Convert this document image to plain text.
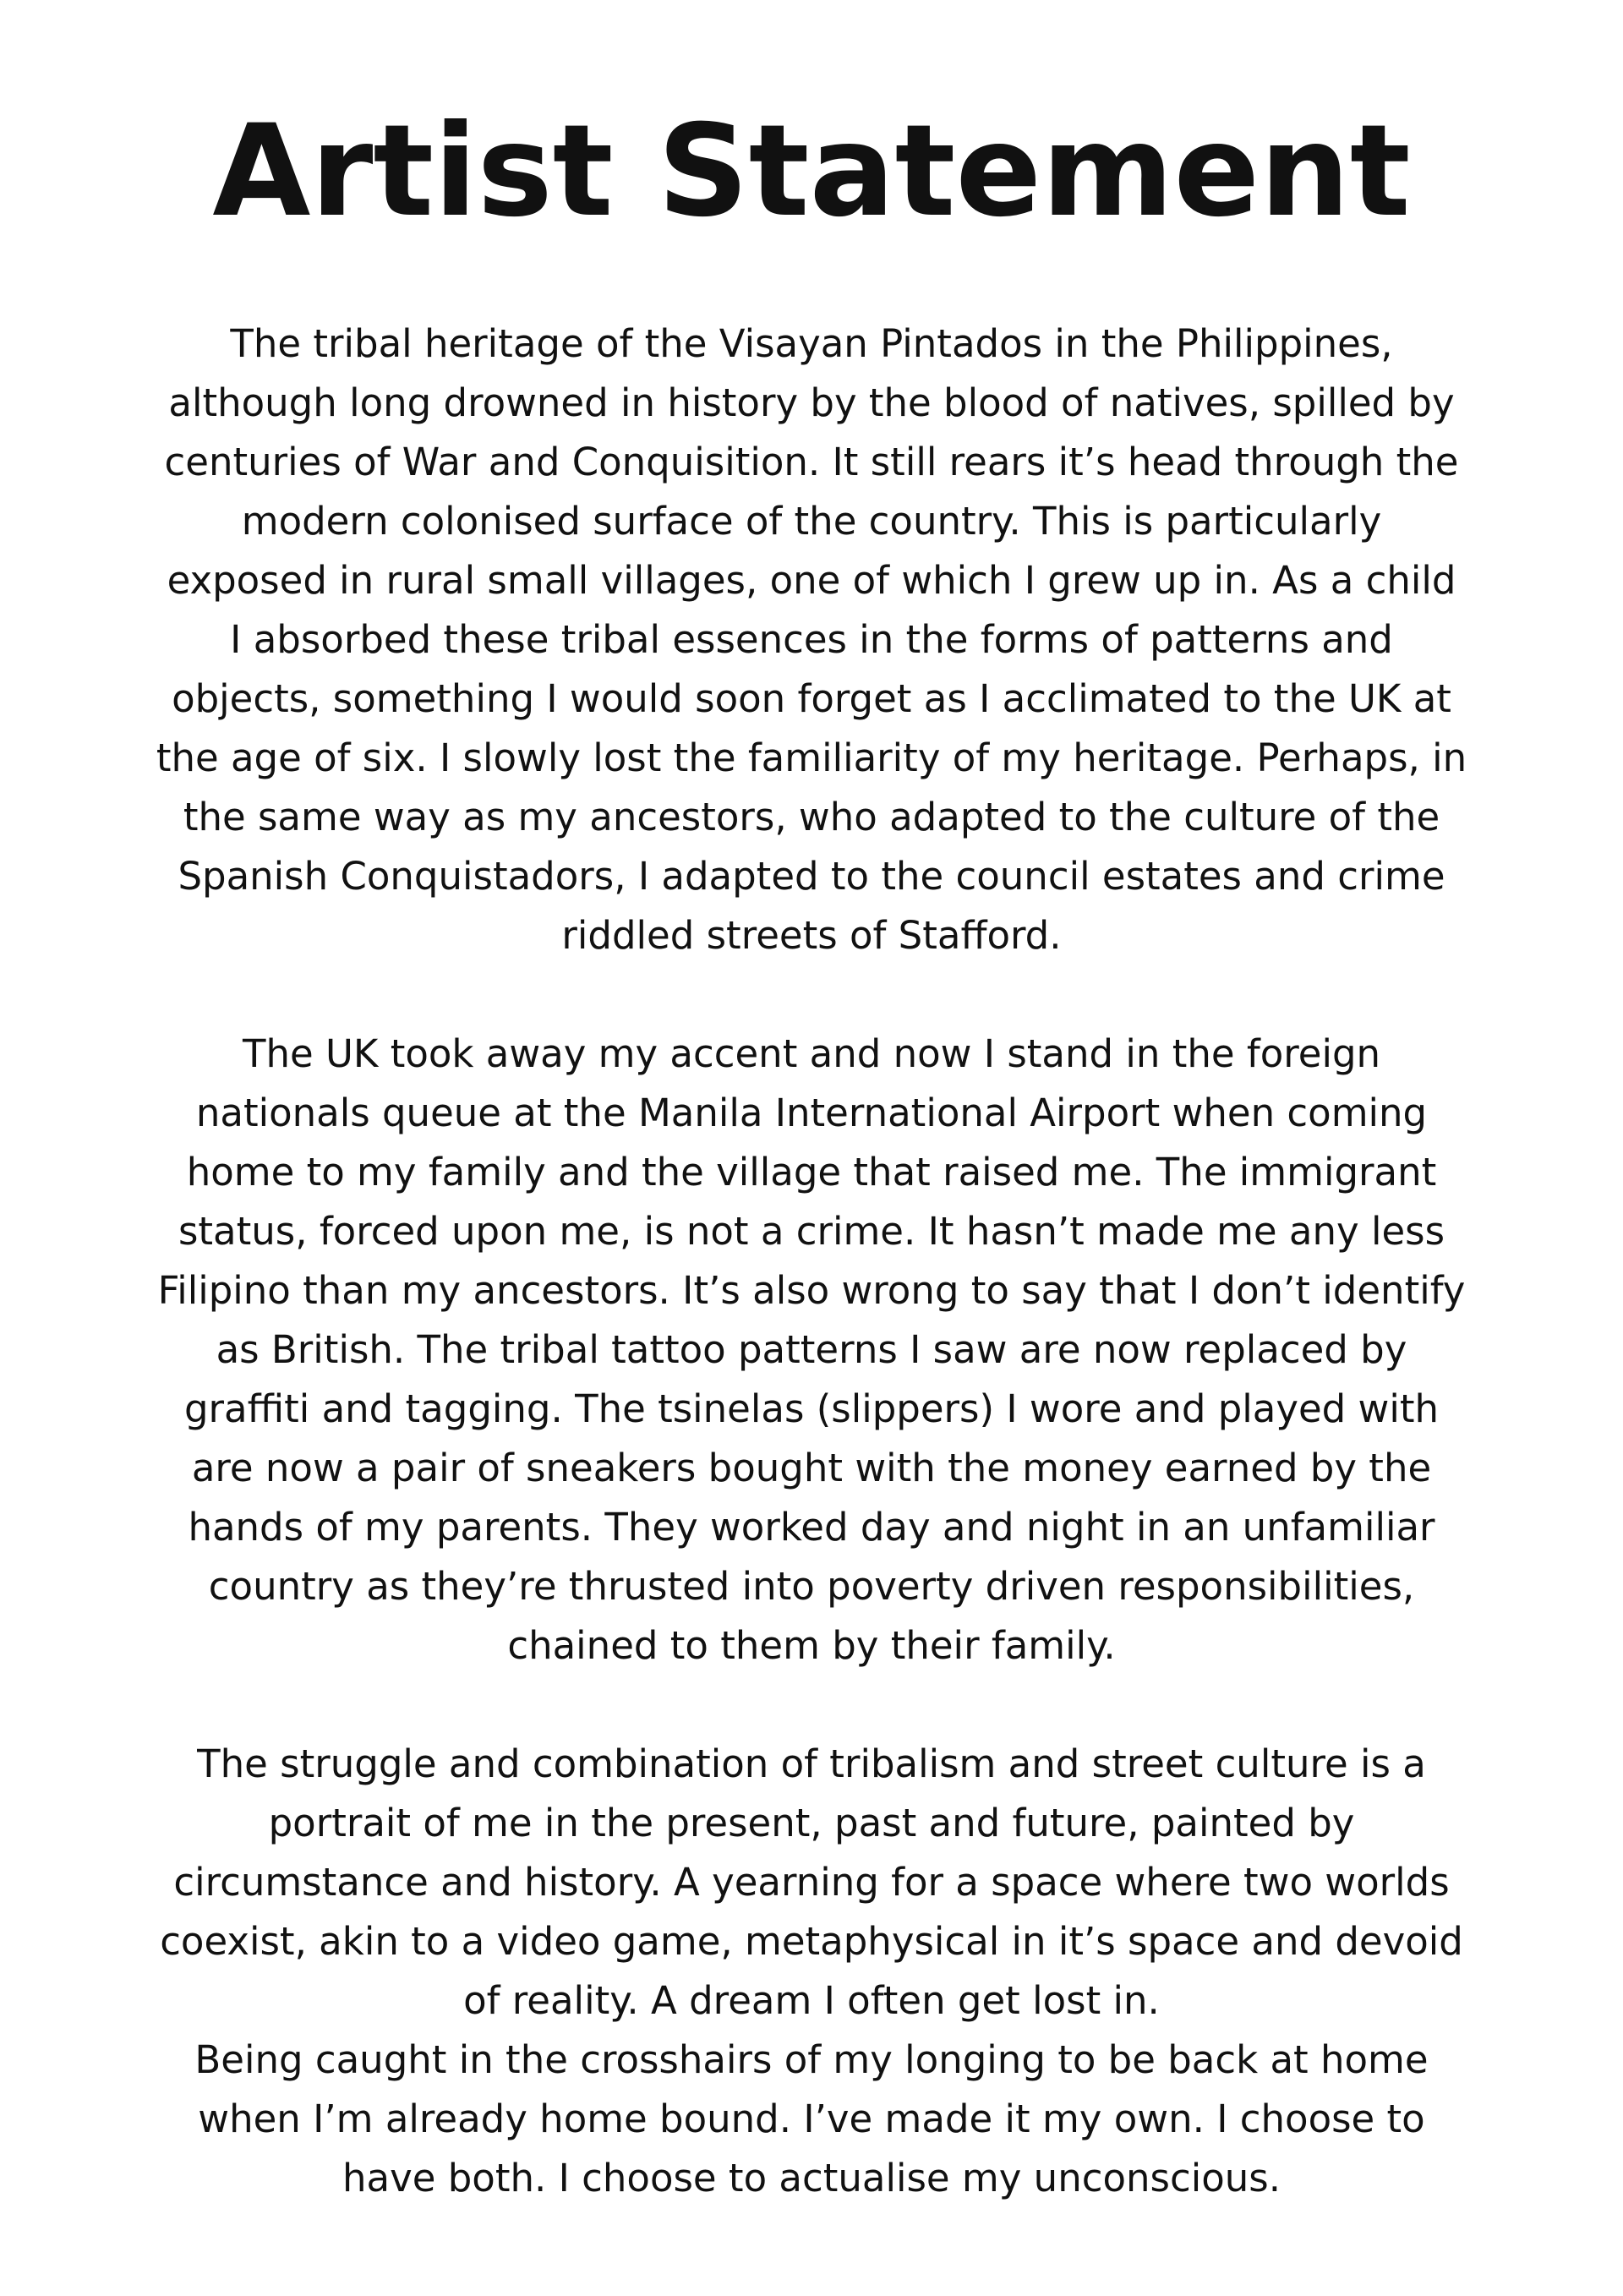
Artist Statement

The tribal heritage of the Visayan Pintados in the Philippines,
although long drowned in history by the blood of natives, spilled by
centuries of War and Conquisition. It still rears it’s head through the
modern colonised surface of the country. This is particularly
exposed in rural small villages, one of which I grew up in. As a child
I absorbed these tribal essences in the forms of patterns and
objects, something I would soon forget as I acclimated to the UK at
the age of six. I slowly lost the familiarity of my heritage. Perhaps, in
the same way as my ancestors, who adapted to the culture of the
Spanish Conquistadors, I adapted to the council estates and crime
riddled streets of Stafford.

The UK took away my accent and now I stand in the foreign
nationals queue at the Manila International Airport when coming
home to my family and the village that raised me. The immigrant
status, forced upon me, is not a crime. It hasn’t made me any less
Filipino than my ancestors. It’s also wrong to say that I don’t identify
as British. The tribal tattoo patterns I saw are now replaced by
graffiti and tagging. The tsinelas (slippers) I wore and played with
are now a pair of sneakers bought with the money earned by the
hands of my parents. They worked day and night in an unfamiliar
country as they’re thrusted into poverty driven responsibilities,
chained to them by their family.

The struggle and combination of tribalism and street culture is a
portrait of me in the present, past and future, painted by
circumstance and history. A yearning for a space where two worlds
coexist, akin to a video game, metaphysical in it’s space and devoid
of reality. A dream I often get lost in.
Being caught in the crosshairs of my longing to be back at home
when I’m already home bound. I’ve made it my own. I choose to
have both. I choose to actualise my unconscious.
